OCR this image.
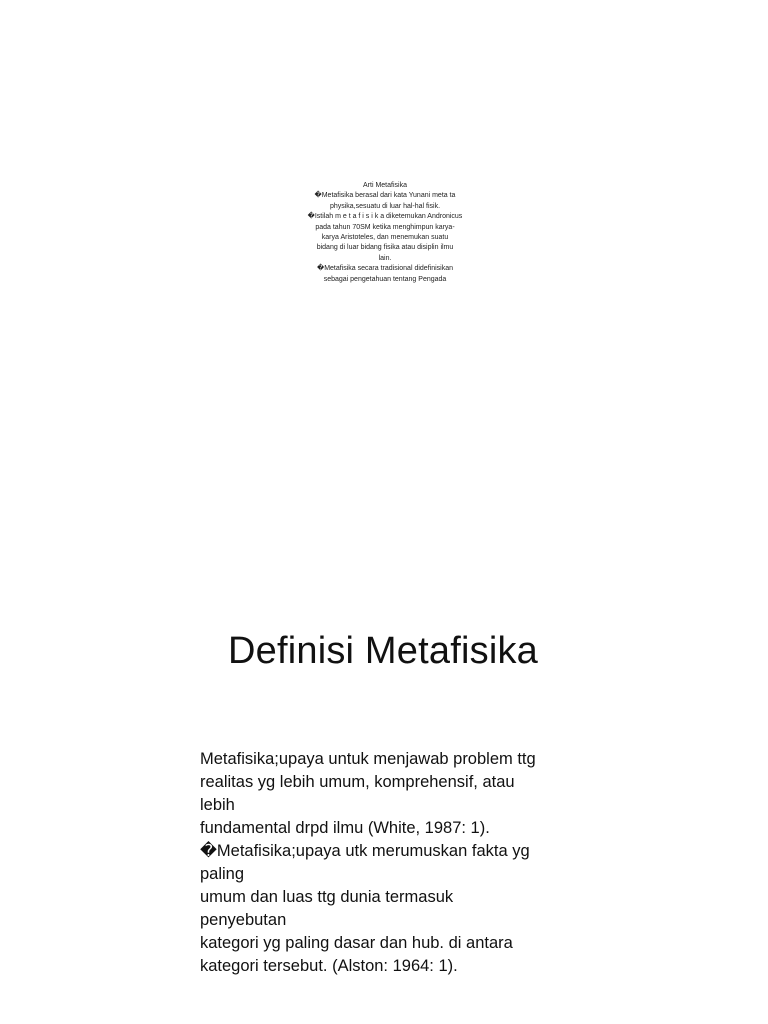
Arti Metafisika
�Metafisika berasal dari kata Yunani meta ta
physika,sesuatu di luar hal-hal fisik.
�Istilah m e t a f i s i k a diketemukan Andronicus
pada tahun 70SM ketika menghimpun karya-
karya Aristoteles, dan menemukan suatu
bidang di luar bidang fisika atau disiplin ilmu
lain.
�Metafisika secara tradisional didefinisikan
sebagai pengetahuan tentang Pengada
Definisi Metafisika
Metafisika;upaya untuk menjawab problem ttg
realitas yg lebih umum, komprehensif, atau
lebih
fundamental drpd ilmu (White, 1987: 1).
�Metafisika;upaya utk merumuskan fakta yg
paling
umum dan luas ttg dunia termasuk
penyebutan
kategori yg paling dasar dan hub. di antara
kategori tersebut. (Alston: 1964: 1).
